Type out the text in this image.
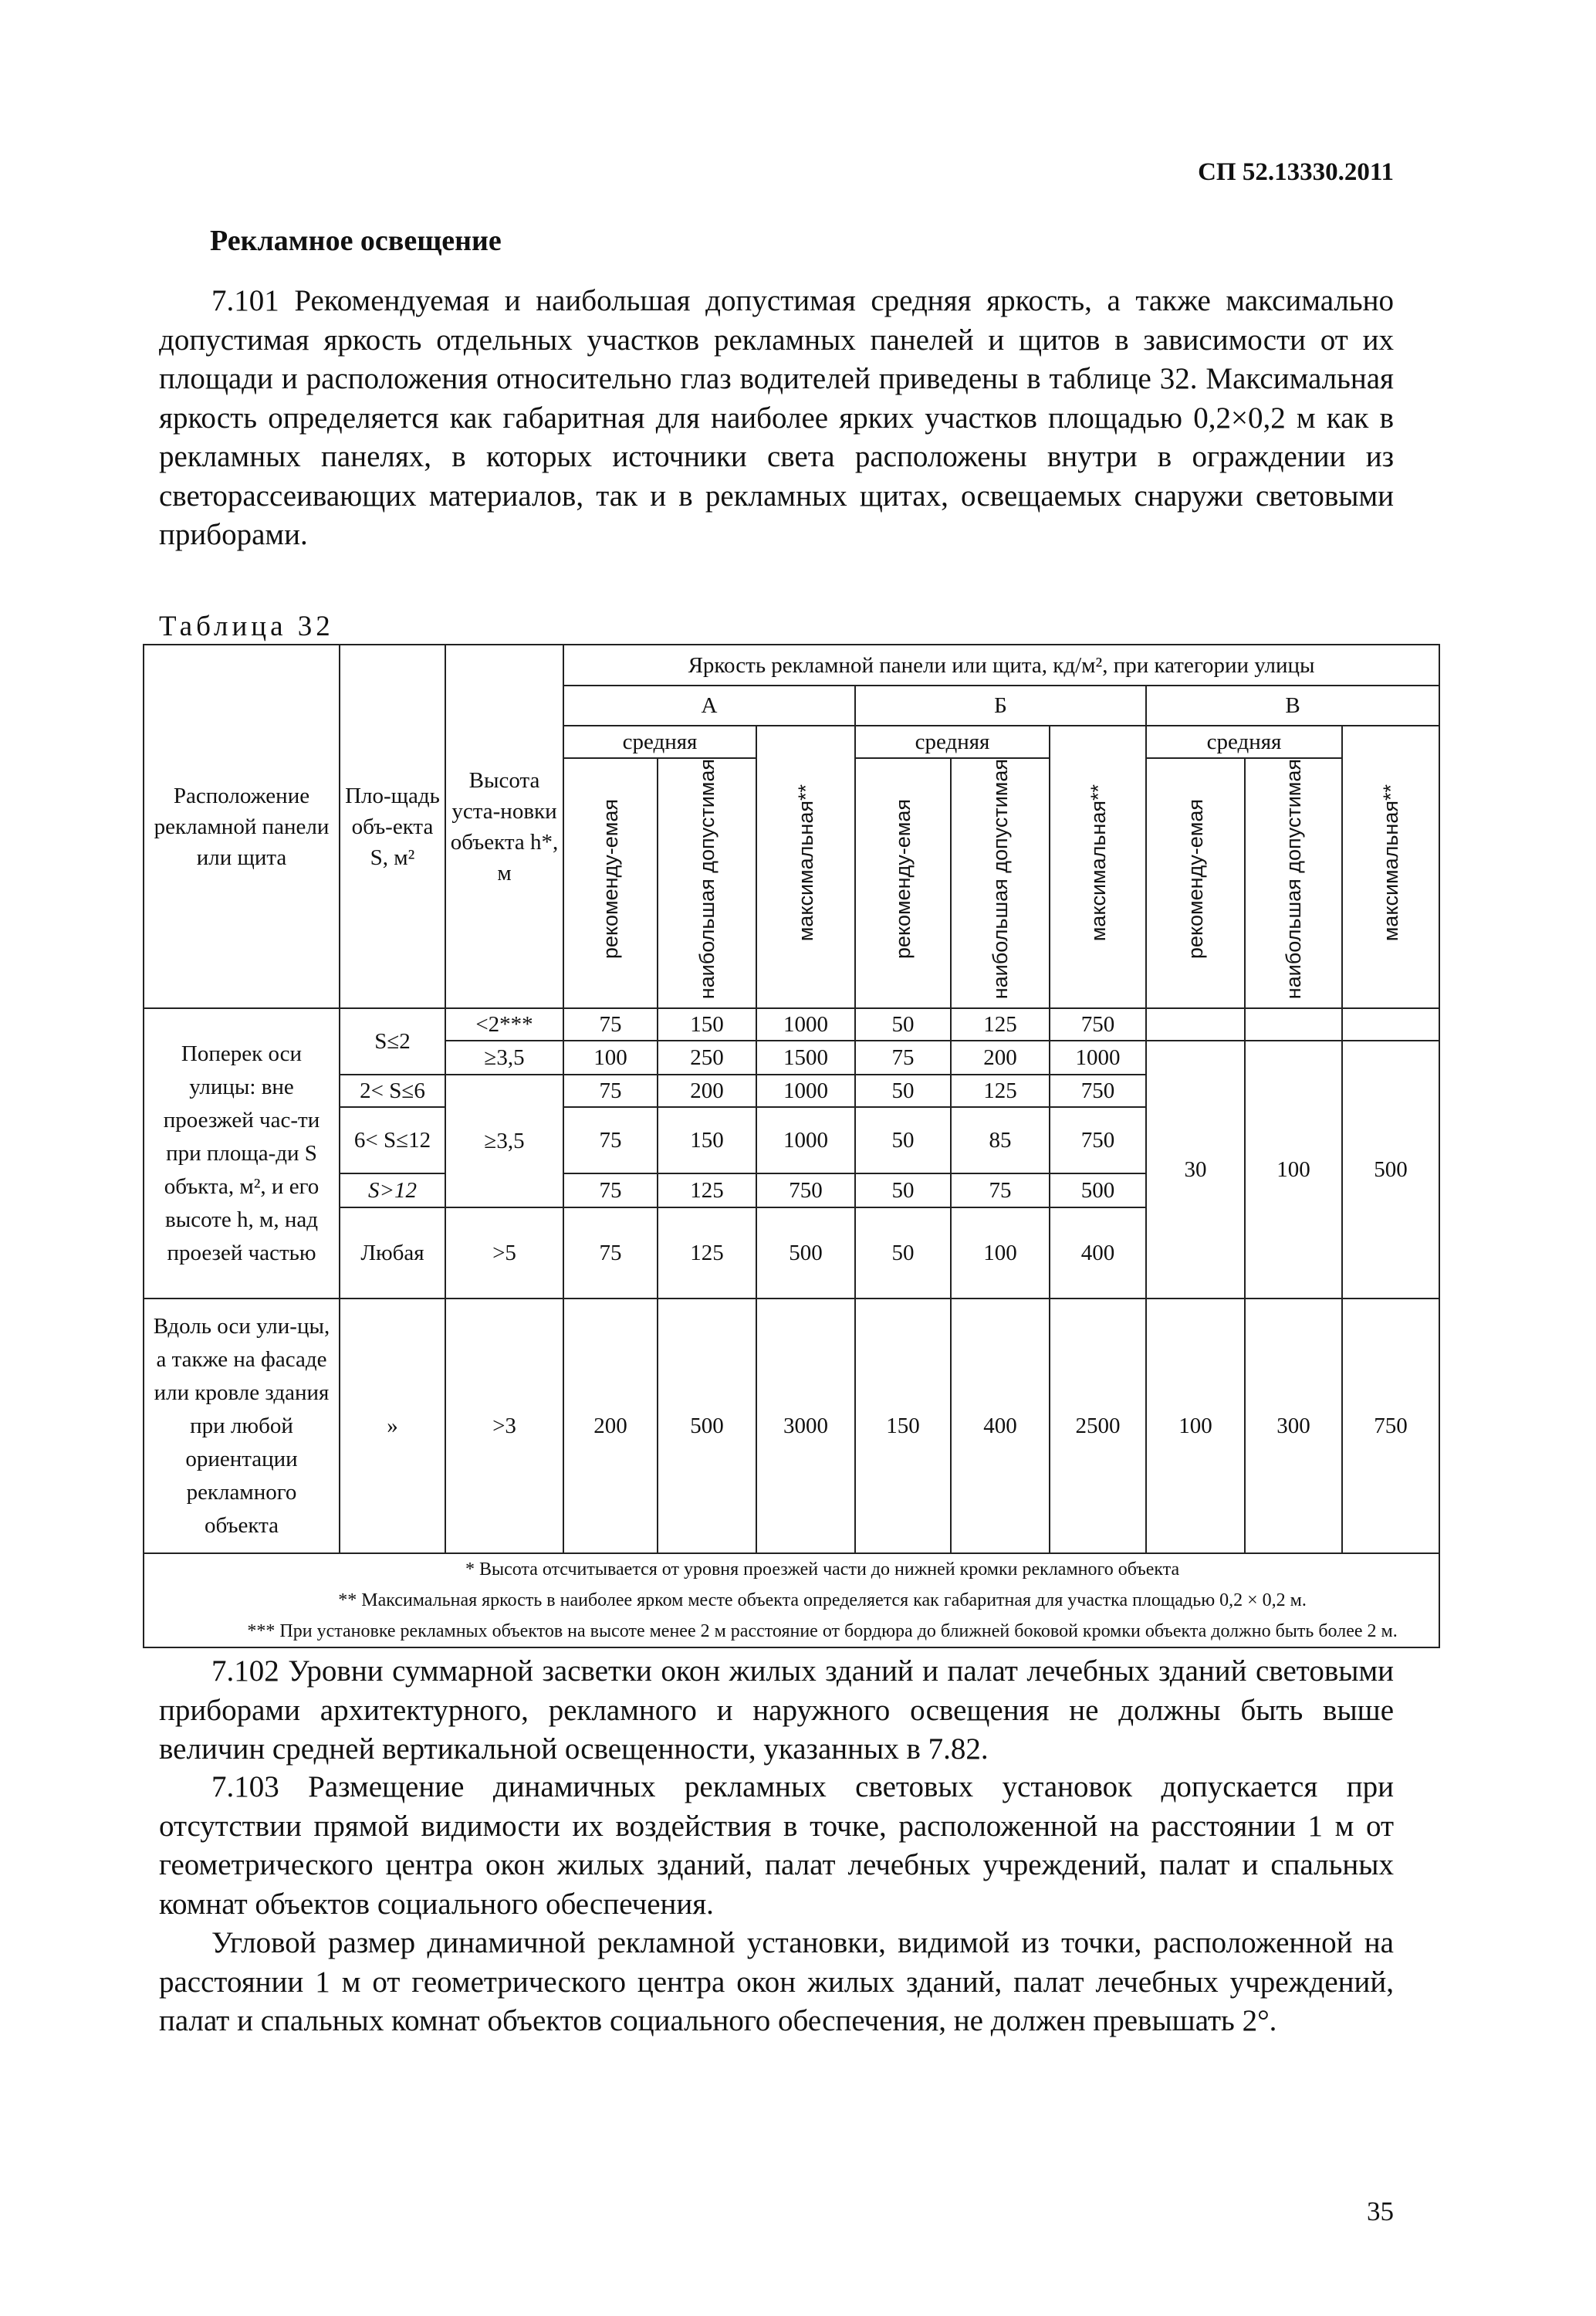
СП 52.13330.2011
Рекламное освещение
7.101 Рекомендуемая и наибольшая допустимая средняя яркость, а также максимально допустимая яркость отдельных участков рекламных панелей и щитов в зависимости от их площади и расположения относительно глаз водителей приведены в таблице 32. Максимальная яркость определяется как габаритная для наиболее ярких участков площадью 0,2×0,2 м как в рекламных панелях, в которых источники света расположены внутри в ограждении из светорассеивающих материалов, так и в рекламных щитах, освещаемых снаружи световыми приборами.
Таблица 32
Расположение рекламной панели или щита	Пло-щадь объ-екта S, м²	Высота уста-новки объекта h*, м	Яркость рекламной панели или щита, кд/м², при категории улицы								
			А			Б			В		
			средняя		максимальная**	средняя		максимальная**	средняя		максимальная**
			рекоменду-емая	наибольшая допустимая		рекоменду-емая	наибольшая допустимая		рекоменду-емая	наибольшая допустимая	
Поперек оси улицы: вне проезжей час-ти при площа-ди S объкта, м², и его высоте h, м, над проезей частью	S≤2	<2***	75	150	1000	50	125	750			
		≥3,5	100	250	1500	75	200	1000	30	100	500
	2< S≤6	≥3,5	75	200	1000	50	125	750			
	6< S≤12		75	150	1000	50	85	750			
	S>12		75	125	750	50	75	500			
	Любая	>5	75	125	500	50	100	400			
Вдоль оси ули-цы, а также на фасаде или кровле здания при любой ориентации рекламного объекта	»	>3	200	500	3000	150	400	2500	100	300	750

* Высота отсчитывается от уровня проезжей части до нижней кромки рекламного объекта

** Максимальная яркость в наиболее ярком месте объекта определяется как габаритная для участка площадью 0,2 × 0,2 м.

*** При установке рекламных объектов на высоте менее 2 м расстояние от бордюра до ближней боковой кромки объекта должно быть более 2 м.											

7.102 Уровни суммарной засветки окон жилых зданий и палат лечебных зданий световыми приборами архитектурного, рекламного и наружного освещения не должны быть выше величин средней вертикальной освещенности, указанных в 7.82.
7.103 Размещение динамичных рекламных световых установок допускается при отсутствии прямой видимости их воздействия в точке, расположенной на расстоянии 1 м от геометрического центра окон жилых зданий, палат лечебных учреждений, палат и спальных комнат объектов социального обеспечения.
Угловой размер динамичной рекламной установки, видимой из точки, расположенной на расстоянии 1 м от геометрического центра окон жилых зданий, палат лечебных учреждений, палат и спальных комнат объектов социального обеспечения, не должен превышать 2°.
35
